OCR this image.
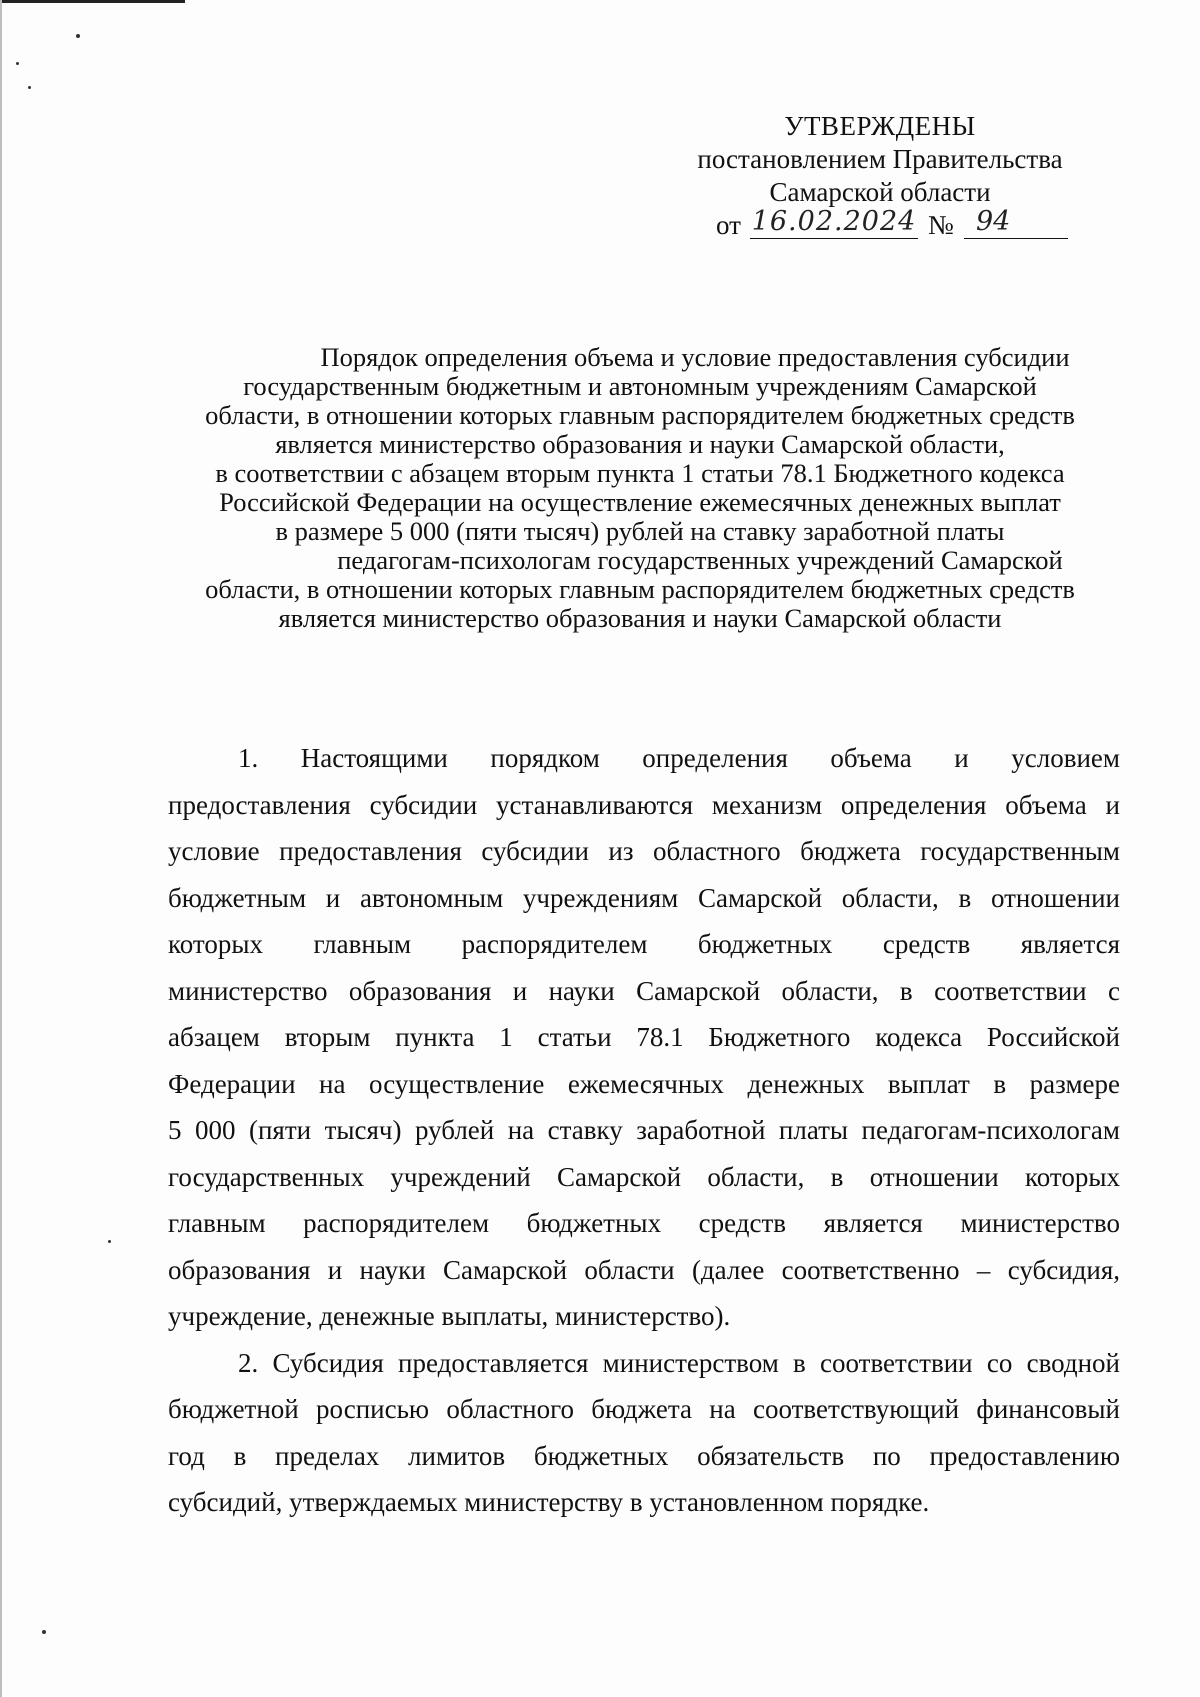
УТВЕРЖДЕНЫ
постановлением Правительства
Самарской области
от 16.02.2024 № 94
Порядок определения объема и условие предоставления субсидии
государственным бюджетным и автономным учреждениям Самарской
области, в отношении которых главным распорядителем бюджетных средств
является министерство образования и науки Самарской области,
в соответствии с абзацем вторым пункта 1 статьи 78.1 Бюджетного кодекса
Российской Федерации на осуществление ежемесячных денежных выплат
в размере 5 000 (пяти тысяч) рублей на ставку заработной платы
педагогам-психологам государственных учреждений Самарской
области, в отношении которых главным распорядителем бюджетных средств
является министерство образования и науки Самарской области
1. Настоящими порядком определения объема и условием
предоставления субсидии устанавливаются механизм определения объема и
условие предоставления субсидии из областного бюджета государственным
бюджетным и автономным учреждениям Самарской области, в отношении
которых главным распорядителем бюджетных средств является
министерство образования и науки Самарской области, в соответствии с
абзацем вторым пункта 1 статьи 78.1 Бюджетного кодекса Российской
Федерации на осуществление ежемесячных денежных выплат в размере
5 000 (пяти тысяч) рублей на ставку заработной платы педагогам-психологам
государственных учреждений Самарской области, в отношении которых
главным распорядителем бюджетных средств является министерство
образования и науки Самарской области (далее соответственно – субсидия,
учреждение, денежные выплаты, министерство).
2. Субсидия предоставляется министерством в соответствии со сводной
бюджетной росписью областного бюджета на соответствующий финансовый
год в пределах лимитов бюджетных обязательств по предоставлению
субсидий, утверждаемых министерству в установленном порядке.
